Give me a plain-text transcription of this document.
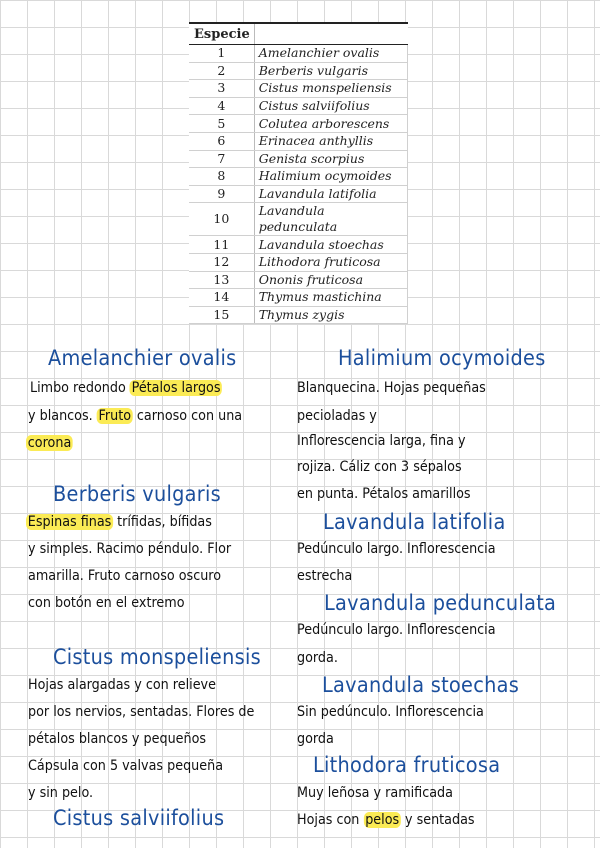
Especie	
1	Amelanchier ovalis
2	Berberis vulgaris
3	Cistus monspeliensis
4	Cistus salviifolius
5	Colutea arborescens
6	Erinacea anthyllis
7	Genista scorpius
8	Halimium ocymoides
9	Lavandula latifolia
10	Lavandula pedunculata
11	Lavandula stoechas
12	Lithodora fruticosa
13	Ononis fruticosa
14	Thymus mastichina
15	Thymus zygis
Amelanchier ovalis
Limbo redondo Pétalos largos
y blancos. Fruto carnoso con una
corona
Berberis vulgaris
Espinas finas trífidas, bífidas
y simples. Racimo péndulo. Flor
amarilla. Fruto carnoso oscuro
con botón en el extremo
Cistus monspeliensis
Hojas alargadas y con relieve
por los nervios, sentadas. Flores de
pétalos blancos y pequeños
Cápsula con 5 valvas pequeña
y sin pelo.
Cistus salviifolius
Halimium ocymoides
Blanquecina. Hojas pequeñas
pecioladas y
Inflorescencia larga, fina y
rojiza. Cáliz con 3 sépalos
en punta. Pétalos amarillos
Lavandula latifolia
Pedúnculo largo. Inflorescencia
estrecha
Lavandula pedunculata
Pedúnculo largo. Inflorescencia
gorda.
Lavandula stoechas
Sin pedúnculo. Inflorescencia
gorda
Lithodora fruticosa
Muy leñosa y ramificada
Hojas con pelos y sentadas
